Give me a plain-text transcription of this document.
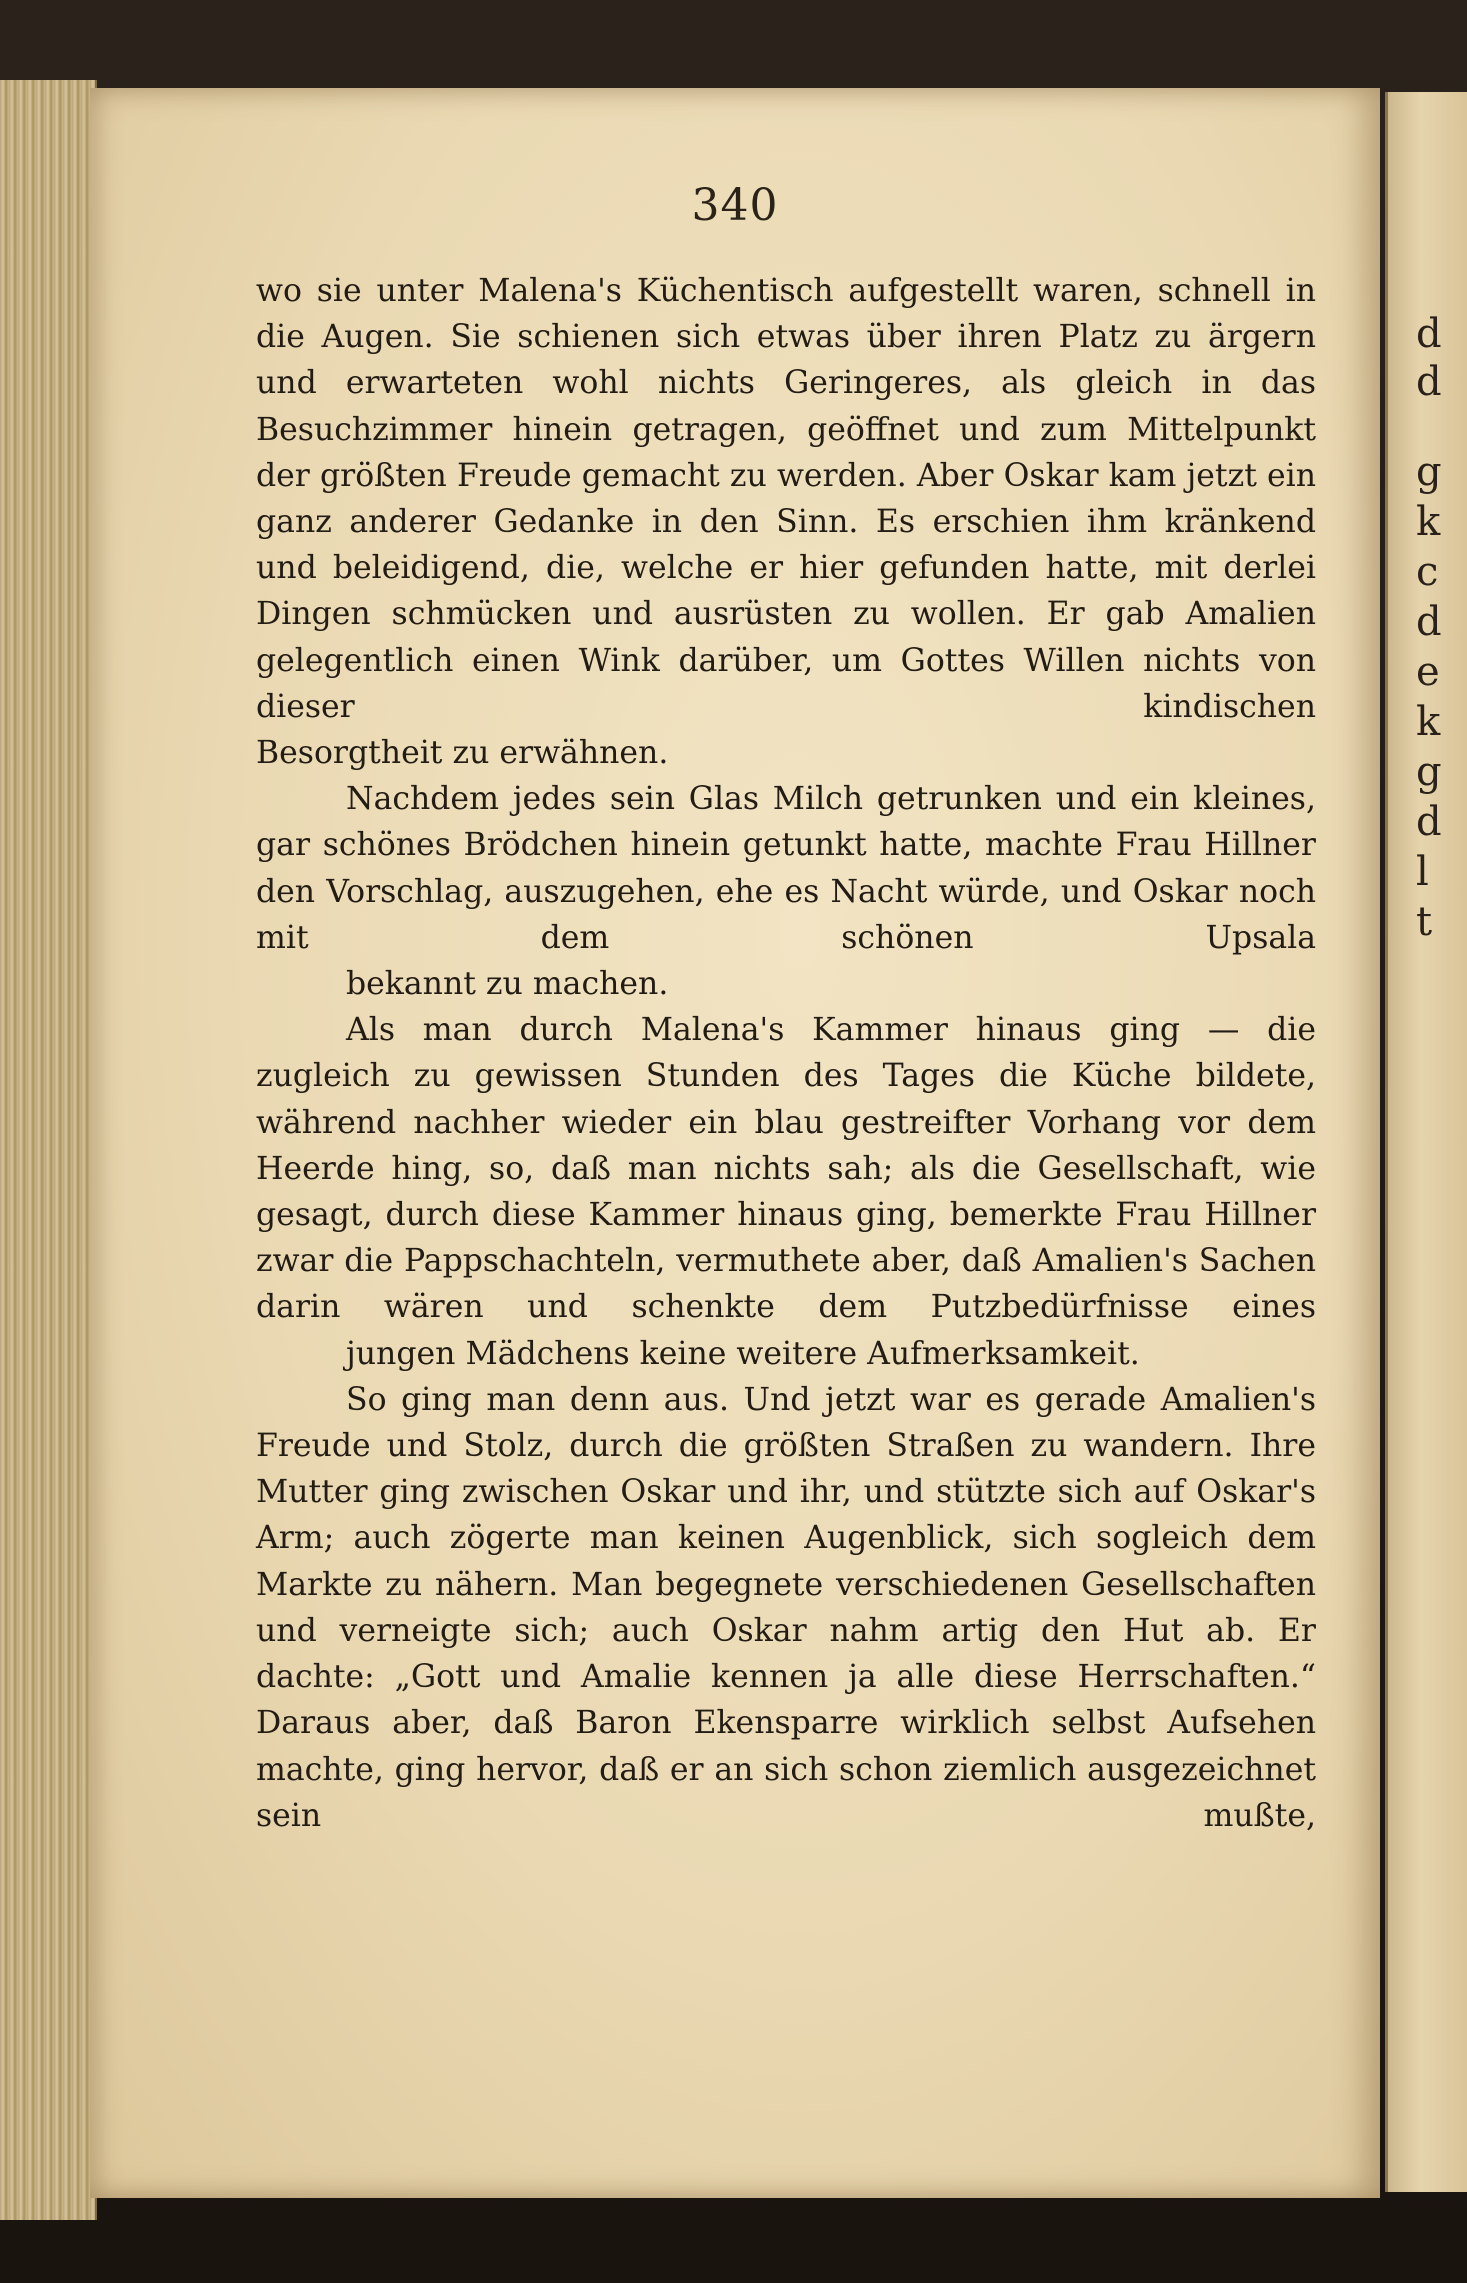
340

wo sie unter Malena's Küchentisch aufgestellt waren, schnell in die Augen. Sie schienen sich etwas über ihren Platz zu ärgern und erwarteten wohl nichts Geringeres, als gleich in das Besuchzimmer hinein getragen, geöffnet und zum Mittelpunkt der größten Freude gemacht zu werden. Aber Oskar kam jetzt ein ganz anderer Gedanke in den Sinn. Es erschien ihm kränkend und beleidigend, die, welche er hier gefunden hatte, mit derlei Dingen schmücken und ausrüsten zu wollen. Er gab Amalien gelegentlich einen Wink darüber, um Gottes Willen nichts von dieser kindischen
Besorgtheit zu erwähnen.

Nachdem jedes sein Glas Milch getrunken und ein kleines, gar schönes Brödchen hinein getunkt hatte, machte Frau Hillner den Vorschlag, auszugehen, ehe es Nacht würde, und Oskar noch mit dem schönen Upsala
bekannt zu machen.

Als man durch Malena's Kammer hinaus ging — die zugleich zu gewissen Stunden des Tages die Küche bildete, während nachher wieder ein blau gestreifter Vorhang vor dem Heerde hing, so, daß man nichts sah; als die Gesellschaft, wie gesagt, durch diese Kammer hinaus ging, bemerkte Frau Hillner zwar die Pappschachteln, vermuthete aber, daß Amalien's Sachen darin wären und schenkte dem Putzbedürfnisse eines
jungen Mädchens keine weitere Aufmerksamkeit.

So ging man denn aus. Und jetzt war es gerade Amalien's Freude und Stolz, durch die größten Straßen zu wandern. Ihre Mutter ging zwischen Oskar und ihr, und stützte sich auf Oskar's Arm; auch zögerte man keinen Augenblick, sich sogleich dem Markte zu nähern. Man begegnete verschiedenen Gesellschaften und verneigte sich; auch Oskar nahm artig den Hut ab. Er dachte: „Gott und Amalie kennen ja alle diese Herrschaften.“ Daraus aber, daß Baron Ekensparre wirklich selbst Aufsehen machte, ging hervor, daß er an sich schon ziemlich ausgezeichnet sein mußte,

d
d
g
k
c
d
e
k
g
d
l
t
